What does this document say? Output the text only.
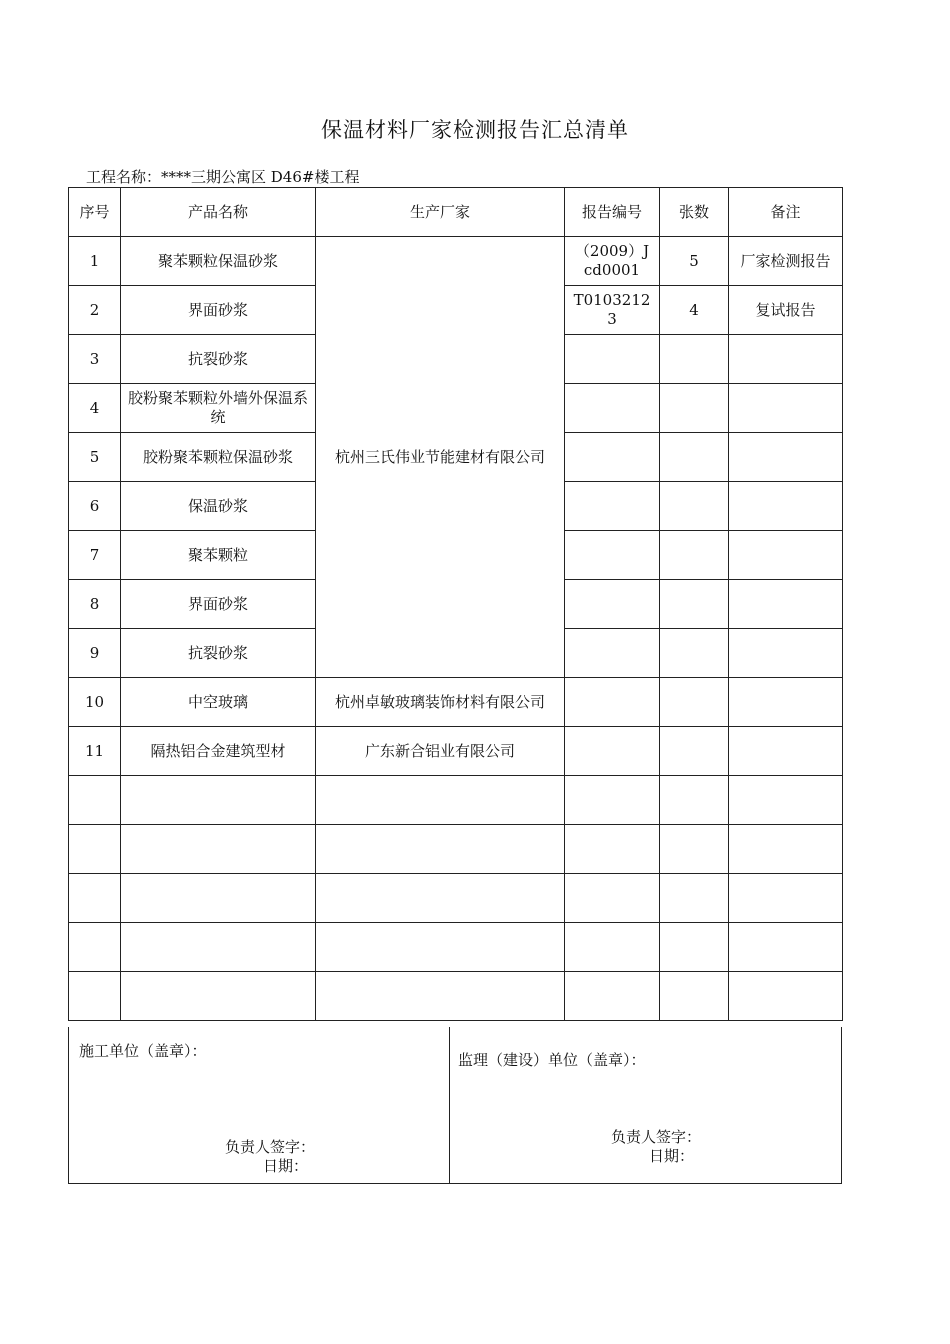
保温材料厂家检测报告汇总清单
工程名称：****三期公寓区 D46#楼工程
序号	产品名称	生产厂家	报告编号	张数	备注
1	聚苯颗粒保温砂浆	杭州三氏伟业节能建材有限公司	（2009）J cd0001	5	厂家检测报告
2	界面砂浆		T01032123	4	复试报告
3	抗裂砂浆				
4	胶粉聚苯颗粒外墙外保温系统				
5	胶粉聚苯颗粒保温砂浆				
6	保温砂浆				
7	聚苯颗粒				
8	界面砂浆				
9	抗裂砂浆				
10	中空玻璃	杭州卓敏玻璃装饰材料有限公司			
11	隔热铝合金建筑型材	广东新合铝业有限公司			

施工单位（盖章）：
负责人签字：
日期：
监理（建设）单位（盖章）：
负责人签字：
日期：
